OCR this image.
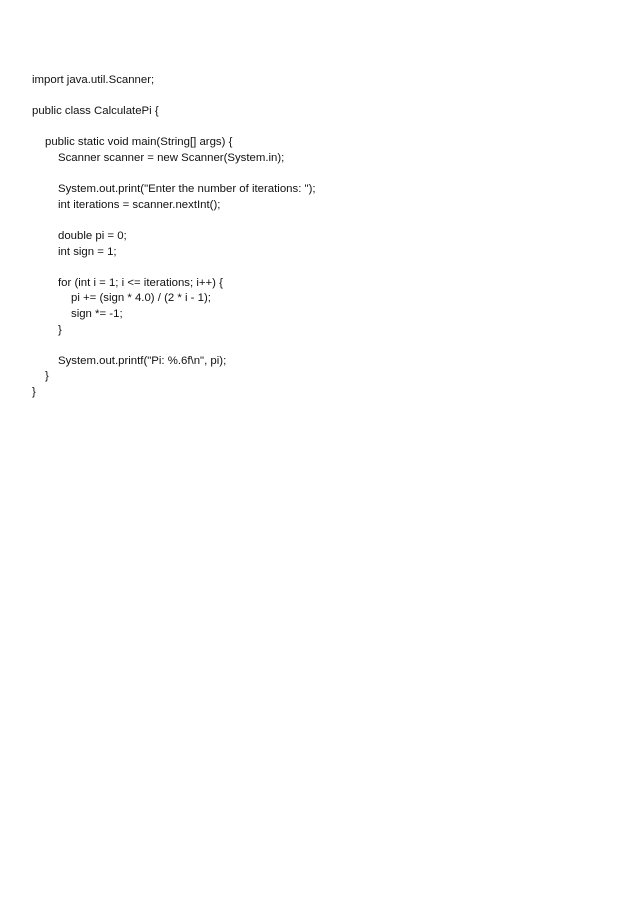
import java.util.Scanner;
public class CalculatePi {
public static void main(String[] args) {
Scanner scanner = new Scanner(System.in);
System.out.print("Enter the number of iterations: ");
int iterations = scanner.nextInt();
double pi = 0;
int sign = 1;
for (int i = 1; i <= iterations; i++) {
pi += (sign * 4.0) / (2 * i - 1);
sign *= -1;
}
System.out.printf("Pi: %.6f\n", pi);
}
}
